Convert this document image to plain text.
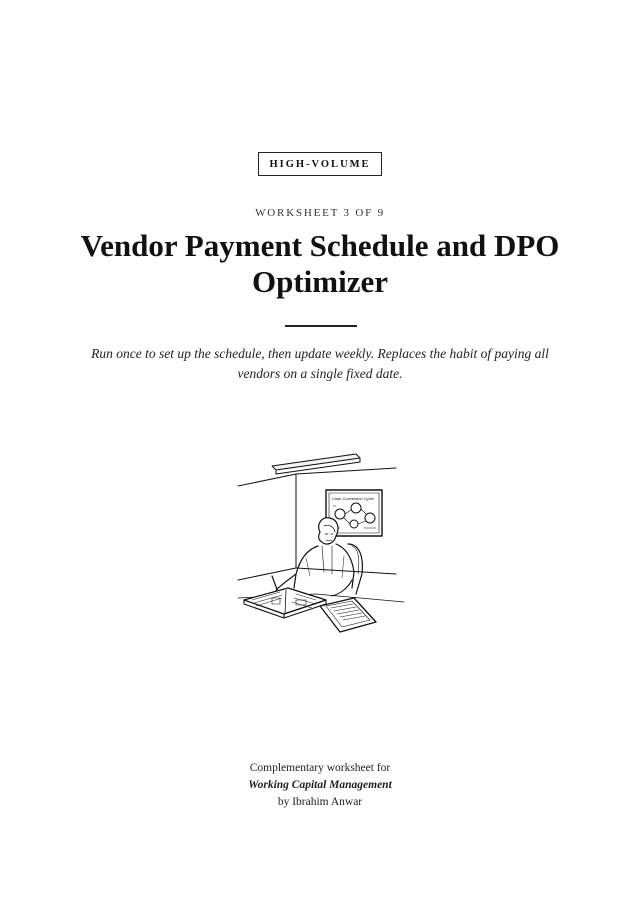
HIGH-VOLUME
WORKSHEET 3 OF 9
Vendor Payment Schedule and DPO Optimizer

Run once to set up the schedule, then update weekly. Replaces the habit of paying all vendors on a single fixed date.

Cash Conversion Cycle
Complementary worksheet for
Working Capital Management
by Ibrahim Anwar
